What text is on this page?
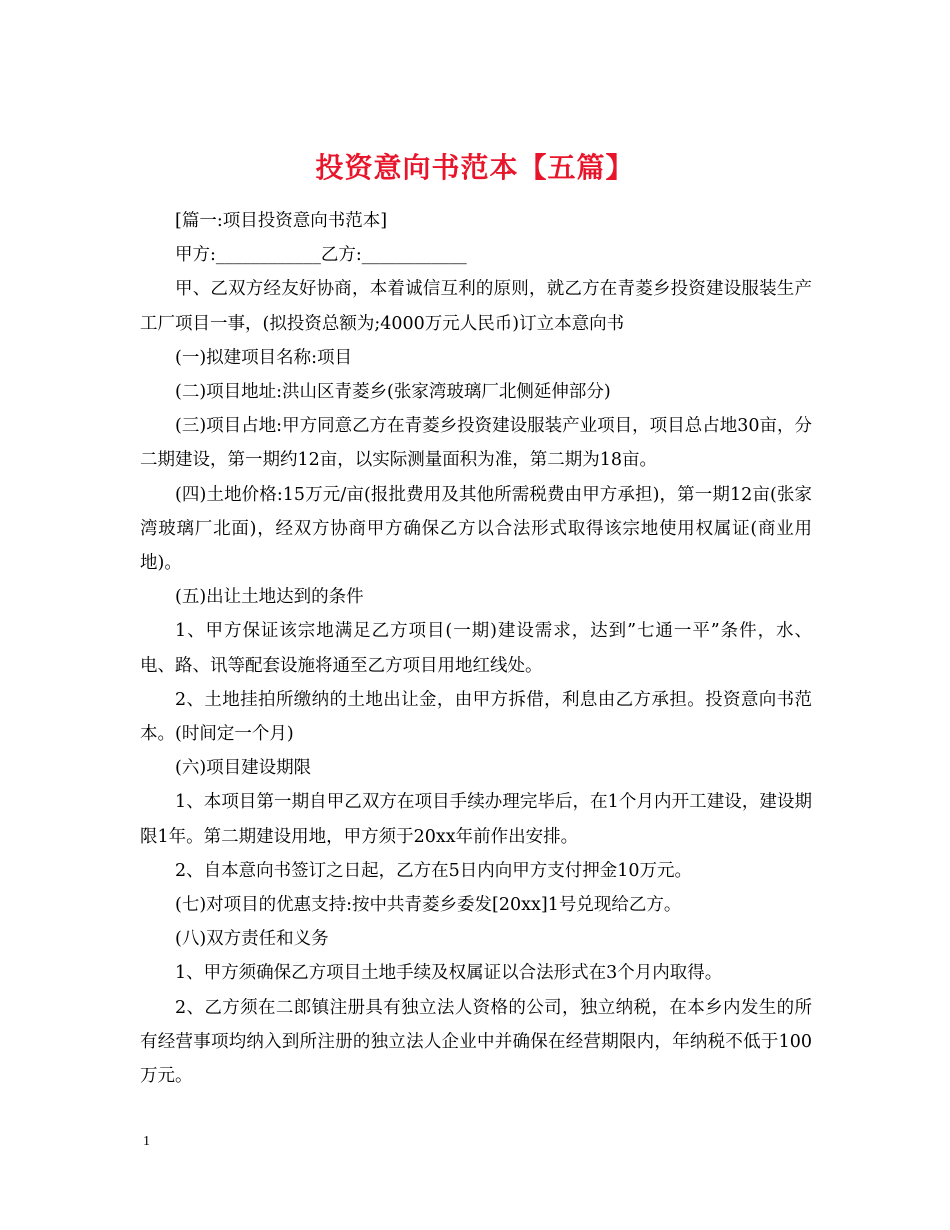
投资意向书范本【五篇】

[篇一:项目投资意向书范本]

甲方:____________乙方:____________

甲、乙双方经友好协商，本着诚信互利的原则，就乙方在青菱乡投资建设服装生产工厂项目一事，(拟投资总额为;4000万元人民币)订立本意向书

(一)拟建项目名称:项目

(二)项目地址:洪山区青菱乡(张家湾玻璃厂北侧延伸部分)

(三)项目占地:甲方同意乙方在青菱乡投资建设服装产业项目，项目总占地30亩，分二期建设，第一期约12亩，以实际测量面积为准，第二期为18亩。

(四)土地价格:15万元/亩(报批费用及其他所需税费由甲方承担)，第一期12亩(张家湾玻璃厂北面)，经双方协商甲方确保乙方以合法形式取得该宗地使用权属证(商业用地)。

(五)出让土地达到的条件

1、甲方保证该宗地满足乙方项目(一期)建设需求，达到”七通一平”条件，水、电、路、讯等配套设施将通至乙方项目用地红线处。

2、土地挂拍所缴纳的土地出让金，由甲方拆借，利息由乙方承担。投资意向书范本。(时间定一个月)

(六)项目建设期限

1、本项目第一期自甲乙双方在项目手续办理完毕后，在1个月内开工建设，建设期限1年。第二期建设用地，甲方须于20xx年前作出安排。

2、自本意向书签订之日起，乙方在5日内向甲方支付押金10万元。

(七)对项目的优惠支持:按中共青菱乡委发[20xx]1号兑现给乙方。

(八)双方责任和义务

1、甲方须确保乙方项目土地手续及权属证以合法形式在3个月内取得。

2、乙方须在二郎镇注册具有独立法人资格的公司，独立纳税，在本乡内发生的所有经营事项均纳入到所注册的独立法人企业中并确保在经营期限内，年纳税不低于100万元。

1
